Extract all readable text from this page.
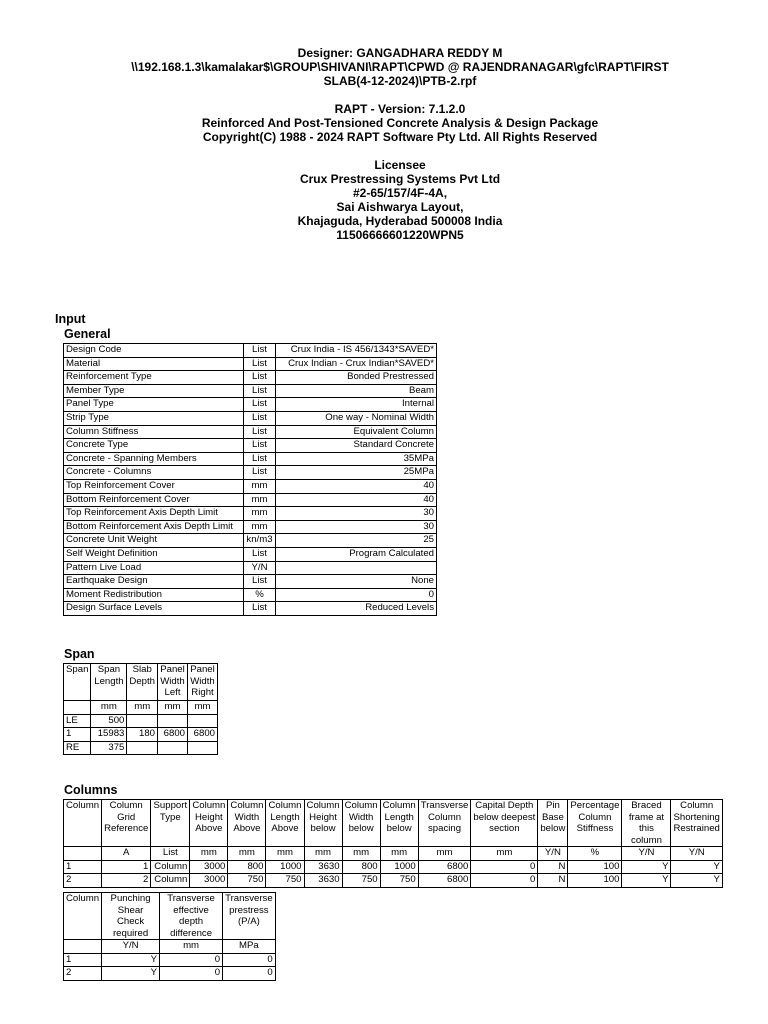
Designer: GANGADHARA REDDY M
\\192.168.1.3\kamalakar$\GROUP\SHIVANI\RAPT\CPWD @ RAJENDRANAGAR\gfc\RAPT\FIRST
SLAB(4-12-2024)\PTB-2.rpf
RAPT - Version: 7.1.2.0
Reinforced And Post-Tensioned Concrete Analysis & Design Package
Copyright(C) 1988 - 2024 RAPT Software Pty Ltd. All Rights Reserved
Licensee
Crux Prestressing Systems Pvt Ltd
#2-65/157/4F-4A,
Sai Aishwarya Layout,
Khajaguda, Hyderabad 500008 India
11506666601220WPN5
Input
General
Design Code	List	Crux India - IS 456/1343*SAVED*
Material	List	Crux Indian - Crux Indian*SAVED*
Reinforcement Type	List	Bonded Prestressed
Member Type	List	Beam
Panel Type	List	Internal
Strip Type	List	One way - Nominal Width
Column Stiffness	List	Equivalent Column
Concrete Type	List	Standard Concrete
Concrete - Spanning Members	List	35MPa
Concrete - Columns	List	25MPa
Top Reinforcement Cover	mm	40
Bottom Reinforcement Cover	mm	40
Top Reinforcement Axis Depth Limit	mm	30
Bottom Reinforcement Axis Depth Limit	mm	30
Concrete Unit Weight	kn/m3	25
Self Weight Definition	List	Program Calculated
Pattern Live Load	Y/N	
Earthquake Design	List	None
Moment Redistribution	%	0
Design Surface Levels	List	Reduced Levels
Span
Span	Span Length	Slab Depth	Panel Width Left	Panel Width Right
	mm	mm	mm	mm
LE	500			
1	15983	180	6800	6800
RE	375			
Columns
Column	Column Grid Reference	Support Type	Column Height Above	Column Width Above	Column Length Above	Column Height below	Column Width below	Column Length below	Transverse Column spacing	Capital Depth below deepest section	Pin Base below	Percentage Column Stiffness	Braced frame at this column	Column Shortening Restrained
	A	List	mm	mm	mm	mm	mm	mm	mm	mm	Y/N	%	Y/N	Y/N
1	1	Column	3000	800	1000	3630	800	1000	6800	0	N	100	Y	Y
2	2	Column	3000	750	750	3630	750	750	6800	0	N	100	Y	Y
Column	Punching Shear Check required	Transverse effective depth difference	Transverse prestress (P/A)
	Y/N	mm	MPa
1	Y	0	0
2	Y	0	0
